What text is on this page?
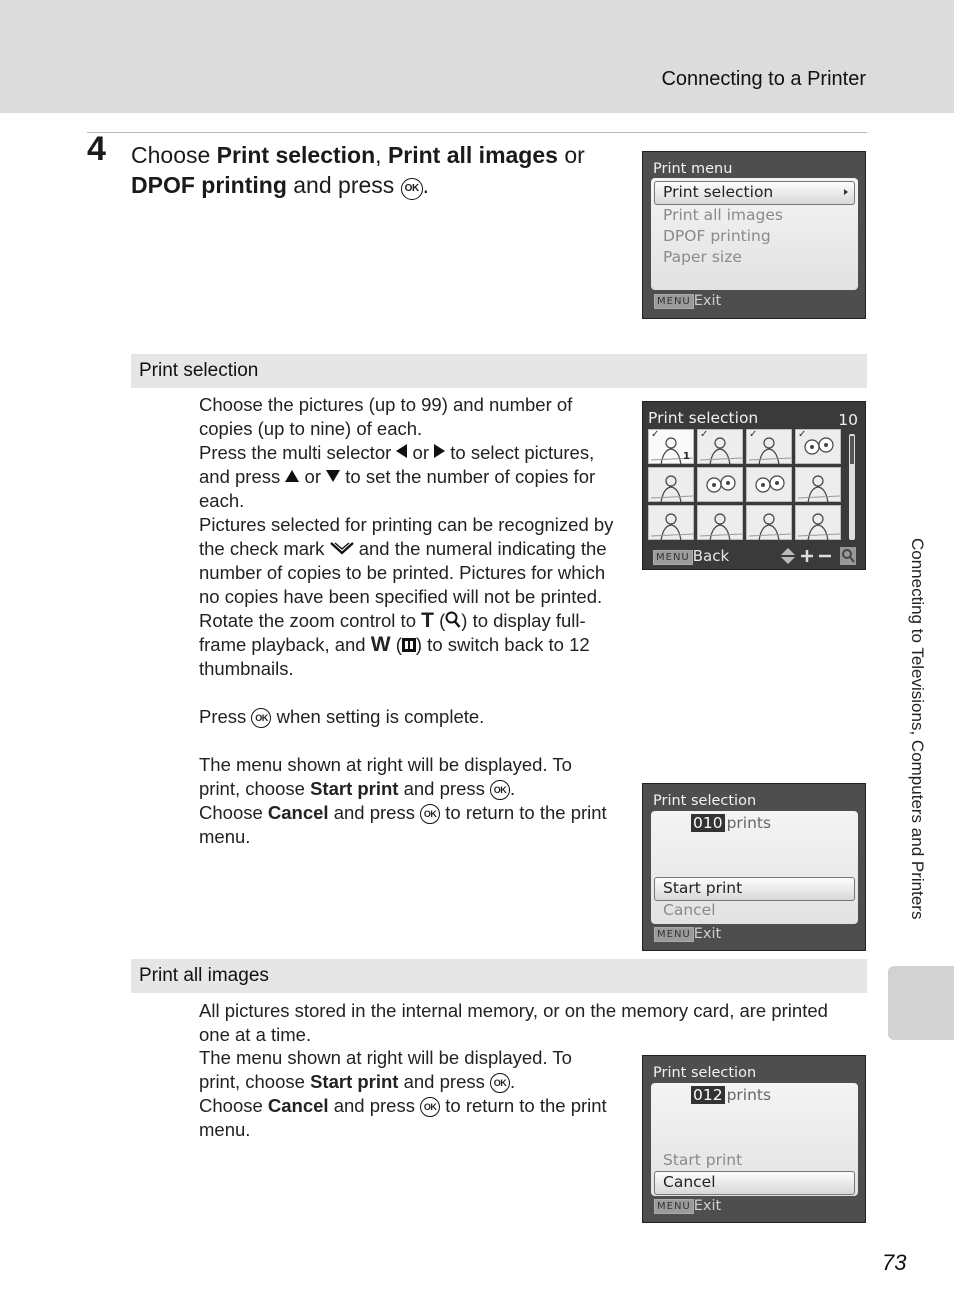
Connecting to a Printer
4 Choose Print selection, Print all images or
DPOF printing and press OK .
Print menu
Print selection
Print all images
DPOF printing
Paper size
MENU Exit
Print selection

Choose the pictures (up to 99) and number of copies (up to nine) of each.

Press the multi selector  or  to select pictures, and press  or  to set the number of copies for each.

Pictures selected for printing can be recognized by the check mark  and the numeral indicating the number of copies to be printed. Pictures for which no copies have been specified will not be printed.

Rotate the zoom control to T ( ) to display full-frame playback, and W ( ) to switch back to 12 thumbnails.

Press OK when setting is complete.

The menu shown at right will be displayed. To print, choose Start print and press OK .

Choose Cancel and press OK to return to the print menu.

Print selection	10
✓
1
✓	✓	✓
MENU Back
Print selection
010 prints
Start print
Cancel
MENU Exit
Print all images

All pictures stored in the internal memory, or on the memory card, are printed one at a time.

The menu shown at right will be displayed. To print, choose Start print and press OK .

Choose Cancel and press OK to return to the print menu.

Print selection
012 prints
Start print
Cancel
MENU Exit
Connecting to Televisions, Computers and Printers
73
